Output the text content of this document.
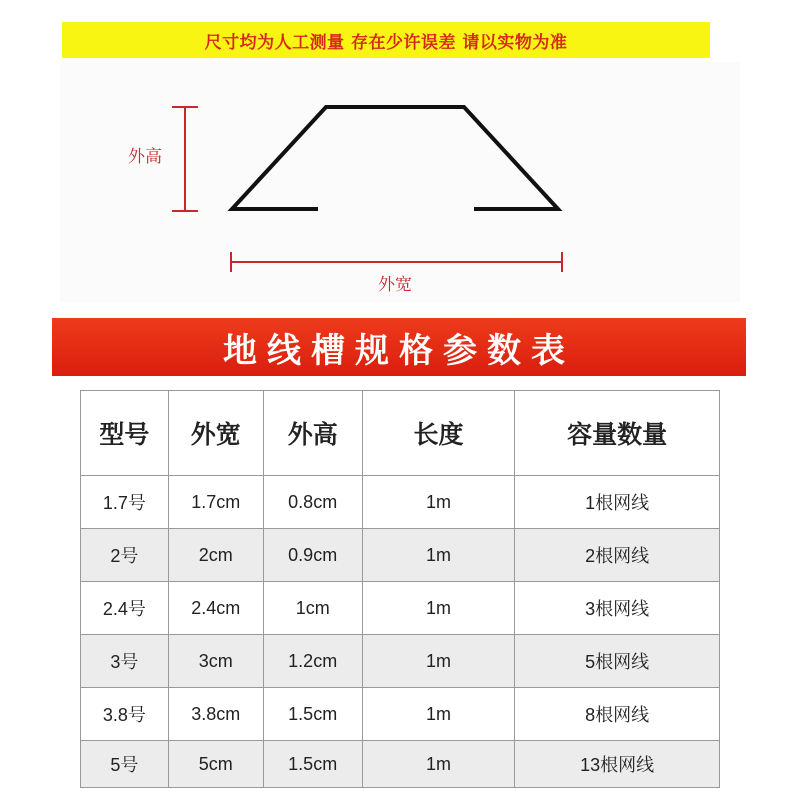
尺寸均为人工测量 存在少许误差 请以实物为准
外高
外宽
地线槽规格参数表
型号	外宽	外高	长度	容量数量
1.7号	1.7cm	0.8cm	1m	1根网线
2号	2cm	0.9cm	1m	2根网线
2.4号	2.4cm	1cm	1m	3根网线
3号	3cm	1.2cm	1m	5根网线
3.8号	3.8cm	1.5cm	1m	8根网线
5号	5cm	1.5cm	1m	13根网线
